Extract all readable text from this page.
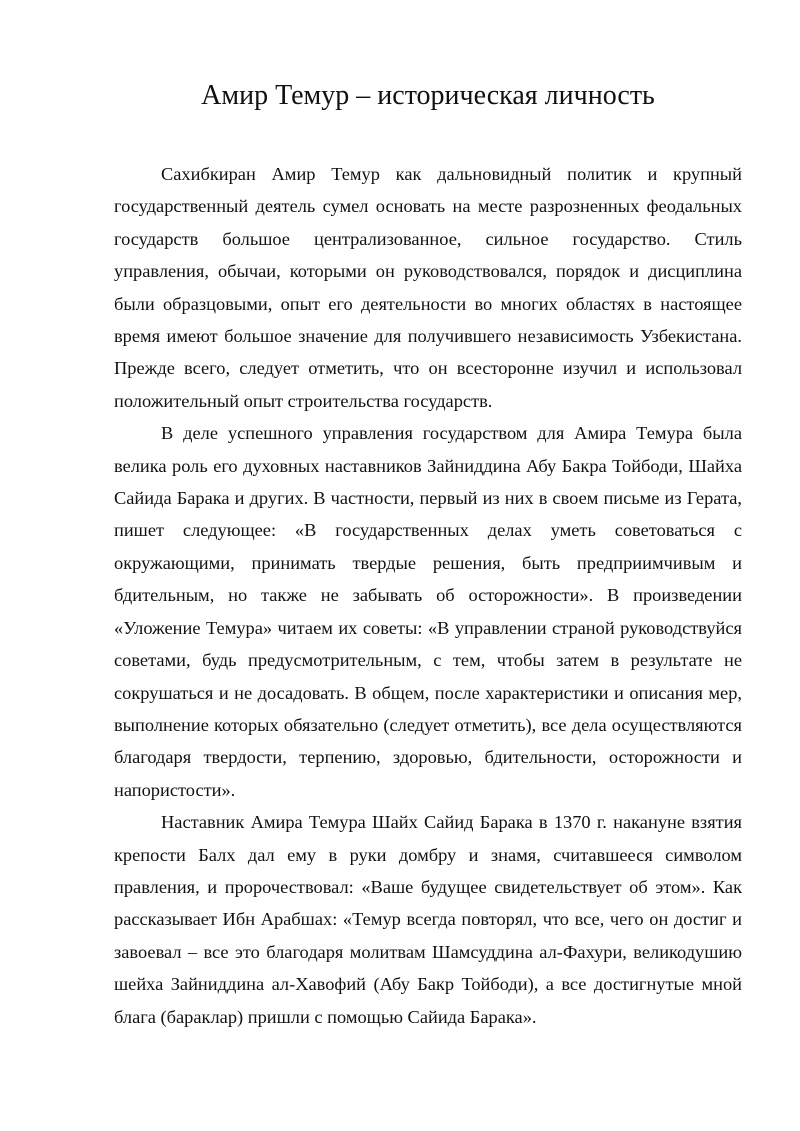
Амир Темур – историческая личность

Сахибкиран Амир Темур как дальновидный политик и крупный государственный деятель сумел основать на месте разрозненных феодальных государств большое централизованное, сильное государство. Стиль управления, обычаи, которыми он руководствовался, порядок и дисциплина были образцовыми, опыт его деятельности во многих областях в настоящее время имеют большое значение для получившего независимость Узбекистана. Прежде всего, следует отметить, что он всесторонне изучил и использовал положительный опыт строительства государств.

В деле успешного управления государством для Амира Темура была велика роль его духовных наставников Зайниддина Абу Бакра Тойбоди, Шайха Сайида Барака и других. В частности, первый из них в своем письме из Герата, пишет следующее: «В государственных делах уметь советоваться с окружающими, принимать твердые решения, быть предприимчивым и бдительным, но также не забывать об осторожности». В произведении «Уложение Темура» читаем их советы: «В управлении страной руководствуйся советами, будь предусмотрительным, с тем, чтобы затем в результате не сокрушаться и не досадовать. В общем, после характеристики и описания мер, выполнение которых обязательно (следует отметить), все дела осуществляются благодаря твердости, терпению, здоровью, бдительности, осторожности и напористости».

Наставник Амира Темура Шайх Сайид Барака в 1370 г. накануне взятия крепости Балх дал ему в руки домбру и знамя, считавшееся символом правления, и пророчествовал: «Ваше будущее свидетельствует об этом». Как рассказывает Ибн Арабшах: «Темур всегда повторял, что все, чего он достиг и завоевал – все это благодаря молитвам Шамсуддина ал-Фахури, великодушию шейха Зайниддина ал-Хавофий (Абу Бакр Тойбоди), а все достигнутые мной блага (бараклар) пришли с помощью Сайида Барака».
